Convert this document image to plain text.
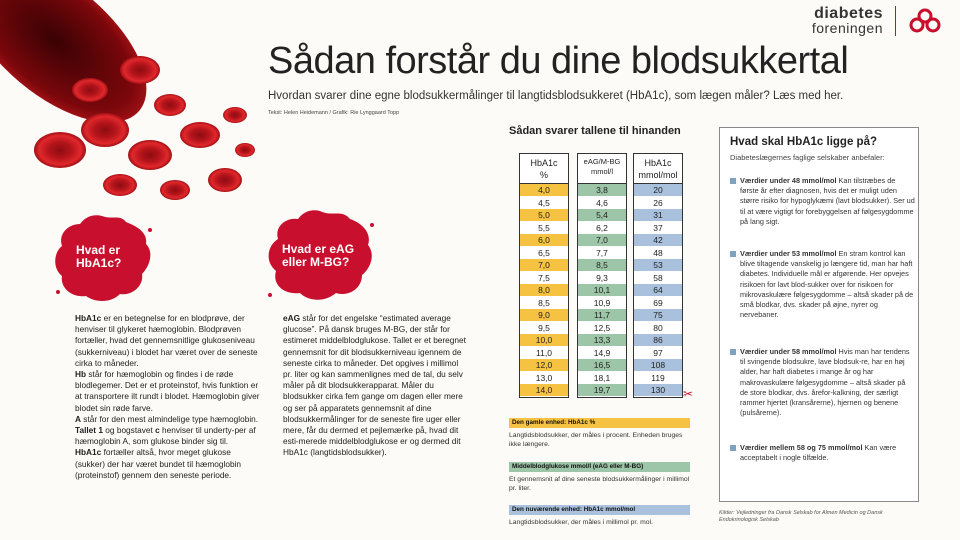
diabetes
foreningen
Sådan forstår du dine blodsukkertal
Hvordan svarer dine egne blodsukkermålinger til langtidsblodsukkeret (HbA1c), som lægen måler? Læs med her.
Tekst: Helen Heidemann / Grafik: Rie Lynggaard Topp
Hvad er
HbA1c?
Hvad er eAG
eller M-BG?

HbA1c er en betegnelse for en blodprøve, der henviser til glykeret hæmoglobin. Blodprøven fortæller, hvad det gennemsnitlige glukoseniveau (sukkerniveau) i blodet har været over de seneste cirka to måneder.

Hb står for hæmoglobin og findes i de røde blodlegemer. Det er et proteinstof, hvis funktion er at transportere ilt rundt i blodet. Hæmoglobin giver blodet sin røde farve.

A står for den mest almindelige type hæmoglobin.

Tallet 1 og bogstavet c henviser til underty-per af hæmoglobin A, som glukose binder sig til.

HbA1c fortæller altså, hvor meget glukose (sukker) der har været bundet til hæmoglobin (proteinstof) gennem den seneste periode.

eAG står for det engelske “estimated average glucose”. På dansk bruges M-BG, der står for estimeret middelblodglukose. Tallet er et beregnet gennemsnit for dit blodsukkerniveau igennem de seneste cirka to måneder. Det opgives i millimol pr. liter og kan sammenlignes med de tal, du selv måler på dit blodsukkerapparat. Måler du blodsukker cirka fem gange om dagen eller mere og ser på apparatets gennemsnit af dine blodsukkermålinger for de seneste fire uger eller mere, får du dermed et pejlemærke på, hvad dit esti-merede middelblodglukose er og dermed dit HbA1c (langtidsblodsukker).

Sådan svarer tallene til hinanden
HbA1c
%
4,0
4,5
5,0
5,5
6,0
6,5
7,0
7,5
8,0
8,5
9,0
9,5
10,0
11,0
12,0
13,0
14,0
eAG/M-BG
mmol/l
3,8
4,6
5,4
6,2
7,0
7,7
8,5
9,3
10,1
10,9
11,7
12,5
13,3
14,9
16,5
18,1
19,7
HbA1c
mmol/mol
20
26
31
37
42
48
53
58
64
69
75
80
86
97
108
119
130	✂
Den gamle enhed: HbA1c %
Langtidsblodsukker, der måles i procent. Enheden bruges ikke længere.
Middelblodglukose mmol/l (eAG eller M-BG)
Et gennemsnit af dine seneste blodsukkermålinger i millimol pr. liter.
Den nuværende enhed: HbA1c mmol/mol
Langtidsblodsukker, der måles i millimol pr. mol.
Hvad skal HbA1c ligge på?
Diabeteslægernes faglige selskaber anbefaler:
Værdier under 48 mmol/mol Kan tilstræbes de første år efter diagnosen, hvis det er muligt uden større risiko for hypoglykæmi (lavt blodsukker). Ser ud til at være vigtigt for forebyggelsen af følgesygdomme på lang sigt.
Værdier under 53 mmol/mol En stram kontrol kan blive tiltagende vanskelig jo længere tid, man har haft diabetes. Individuelle mål er afgørende. Her opvejes risikoen for lavt blod-sukker over for risikoen for mikrovaskulære følgesygdomme – altså skader på de små blodkar, dvs. skader på øjne, nyrer og nervebaner.
Værdier under 58 mmol/mol Hvis man har tendens til svingende blodsukre, lave blodsuk-re, har en høj alder, har haft diabetes i mange år og har makrovaskulære følgesygdomme – altså skader på de store blodkar, dvs. årefor-kalkning, der særligt rammer hjertet (kransårerne), hjernen og benene (pulsårerne).
Værdier mellem 58 og 75 mmol/mol Kan være acceptabelt i nogle tilfælde.
Kilder: Vejledninger fra Dansk Selskab for Almen Medicin og Dansk Endokrinologisk Selskab
